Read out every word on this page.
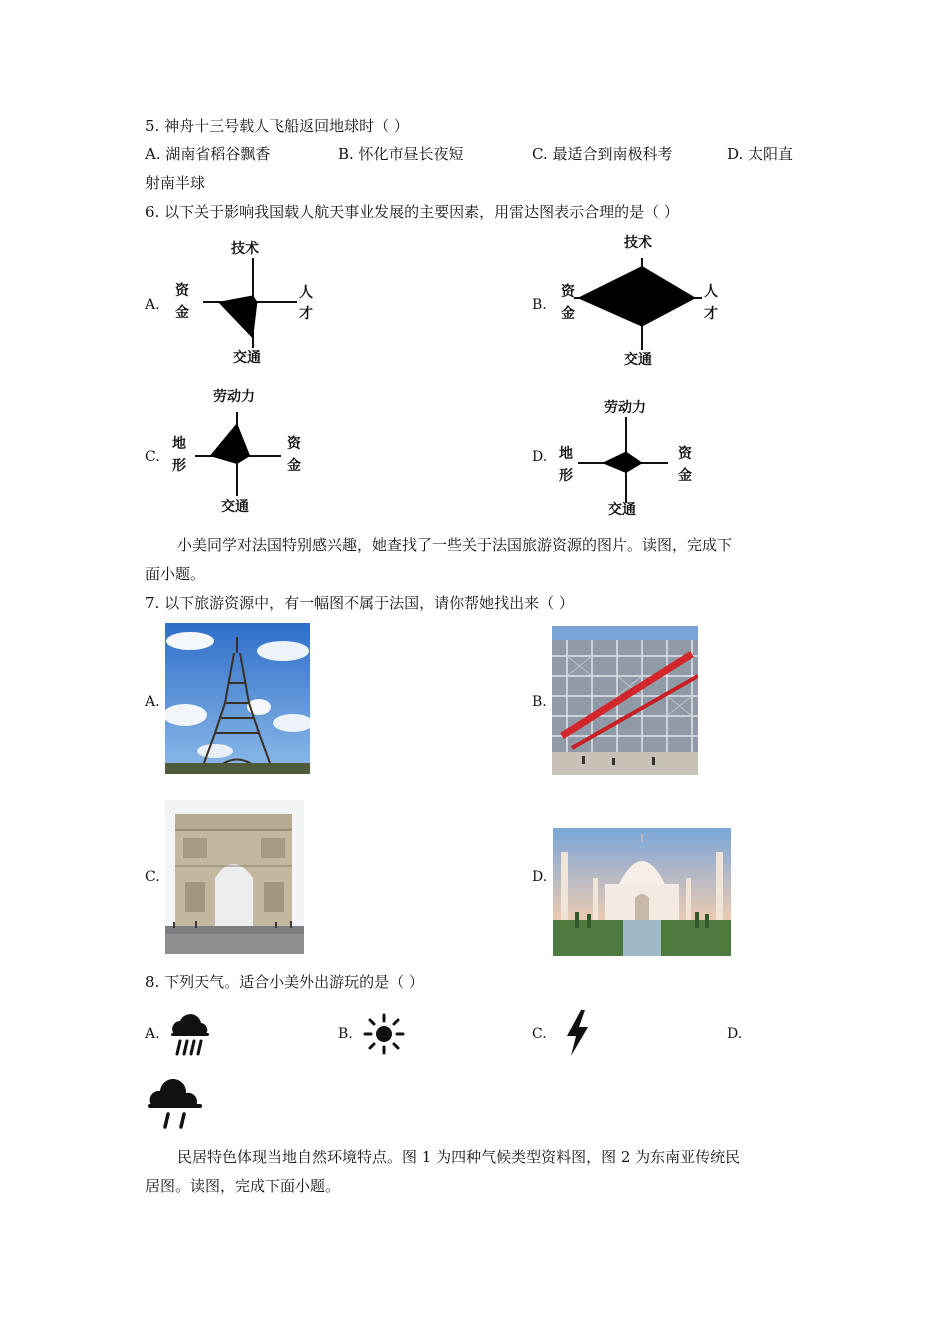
5. 神舟十三号载人飞船返回地球时（ ）
A. 湖南省稻谷飘香	B. 怀化市昼长夜短	C. 最适合到南极科考	D. 太阳直
射南半球
6. 以下关于影响我国载人航天事业发展的主要因素，用雷达图表示合理的是（ ）
A.	B.
C.	D.
技术
交通
资
金
人
才
技术
交通
资
金
人
才
劳动力
交通
地
形
资
金
劳动力
交通
地
形
资
金
小美同学对法国特别感兴趣，她查找了一些关于法国旅游资源的图片。读图，完成下
面小题。
7. 以下旅游资源中，有一幅图不属于法国，请你帮她找出来（ ）
A.	B.
C.	D.
8. 下列天气。适合小美外出游玩的是（ ）
A.	B.	C.	D.
民居特色体现当地自然环境特点。图 1 为四种气候类型资料图，图 2 为东南亚传统民
居图。读图，完成下面小题。
